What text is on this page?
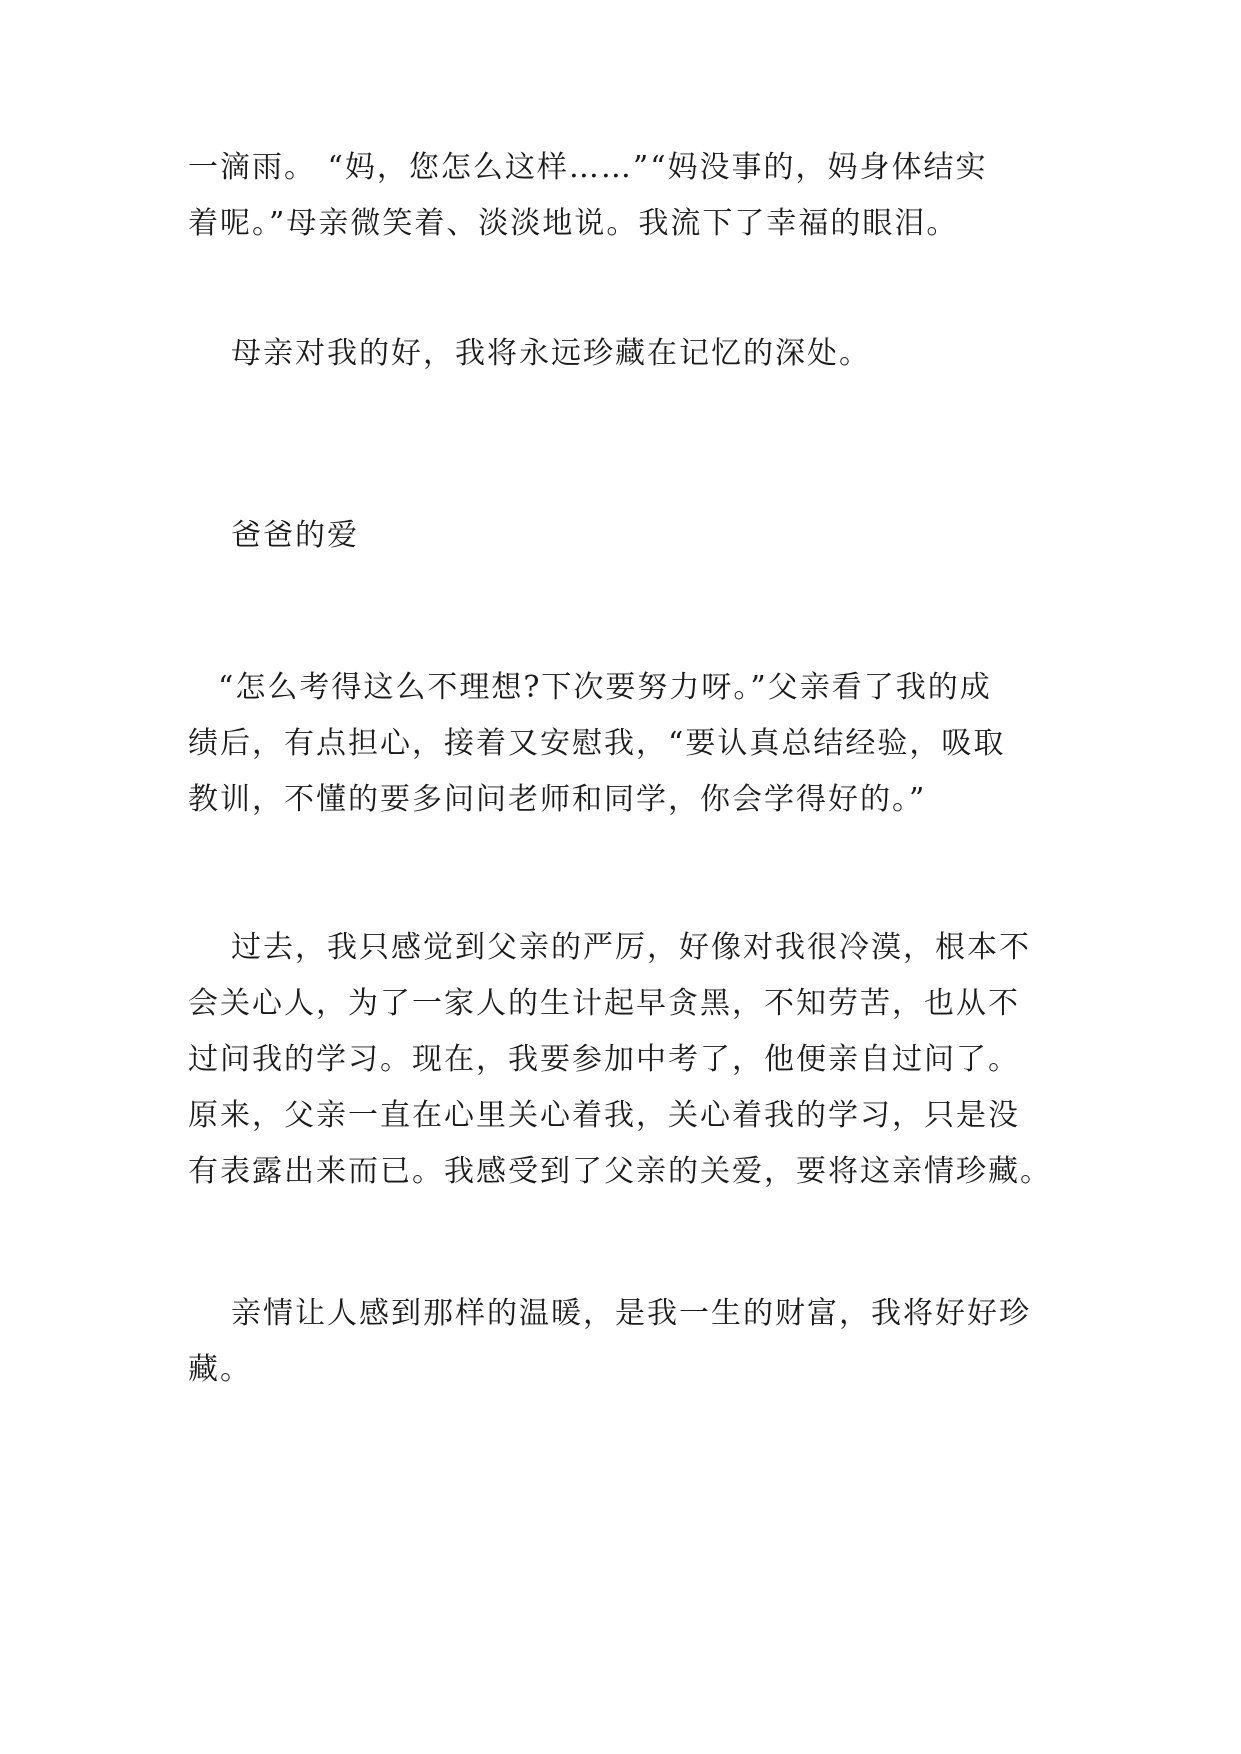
一滴雨。 “妈，您怎么这样……”“妈没事的，妈身体结实
着呢。”母亲微笑着、淡淡地说。我流下了幸福的眼泪。

母亲对我的好，我将永远珍藏在记忆的深处。

爸爸的爱

“怎么考得这么不理想?下次要努力呀。”父亲看了我的成

绩后，有点担心，接着又安慰我，“要认真总结经验，吸取
教训，不懂的要多问问老师和同学，你会学得好的。”

过去，我只感觉到父亲的严厉，好像对我很冷漠，根本不
会关心人，为了一家人的生计起早贪黑，不知劳苦，也从不
过问我的学习。现在，我要参加中考了，他便亲自过问了。
原来，父亲一直在心里关心着我，关心着我的学习，只是没
有表露出来而已。我感受到了父亲的关爱，要将这亲情珍藏。

亲情让人感到那样的温暖，是我一生的财富，我将好好珍
藏。
